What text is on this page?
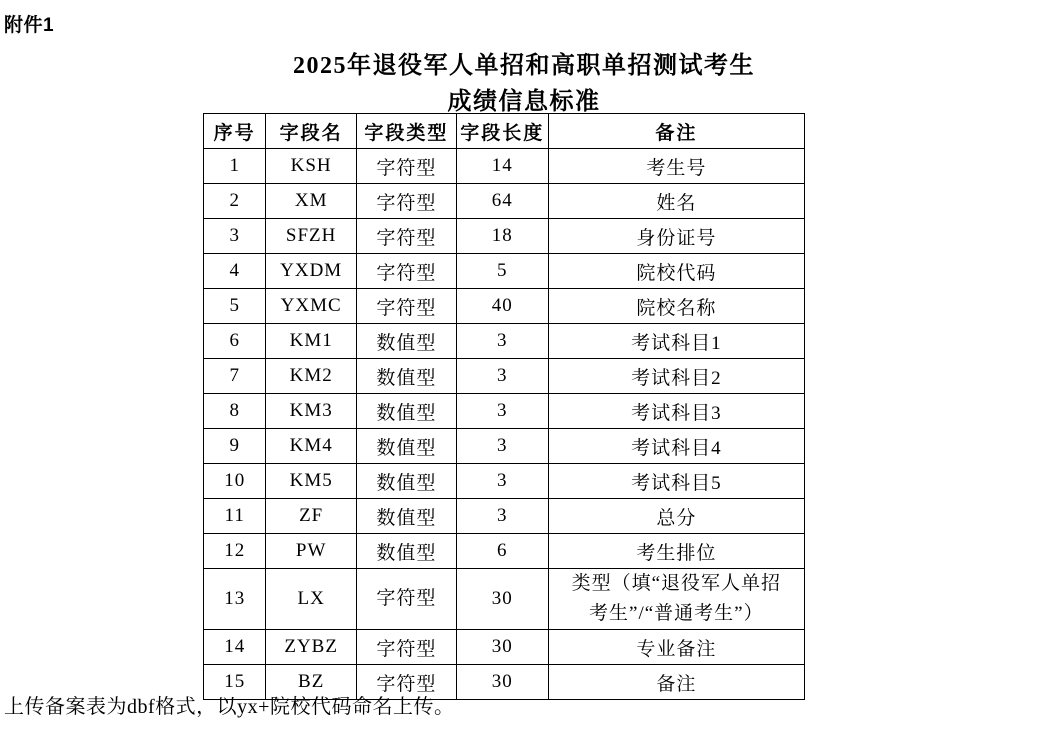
附件1
2025年退役军人单招和高职单招测试考生
成绩信息标准
序号	字段名	字段类型	字段长度	备注
1	KSH	字符型	14	考生号
2	XM	字符型	64	姓名
3	SFZH	字符型	18	身份证号
4	YXDM	字符型	5	院校代码
5	YXMC	字符型	40	院校名称
6	KM1	数值型	3	考试科目1
7	KM2	数值型	3	考试科目2
8	KM3	数值型	3	考试科目3
9	KM4	数值型	3	考试科目4
10	KM5	数值型	3	考试科目5
11	ZF	数值型	3	总分
12	PW	数值型	6	考生排位
13	LX	字符型	30	类型（填“退役军人单招
考生”/“普通考生”）

14	ZYBZ	字符型	30	专业备注
15	BZ	字符型	30	备注
上传备案表为dbf格式，以yx+院校代码命名上传。
